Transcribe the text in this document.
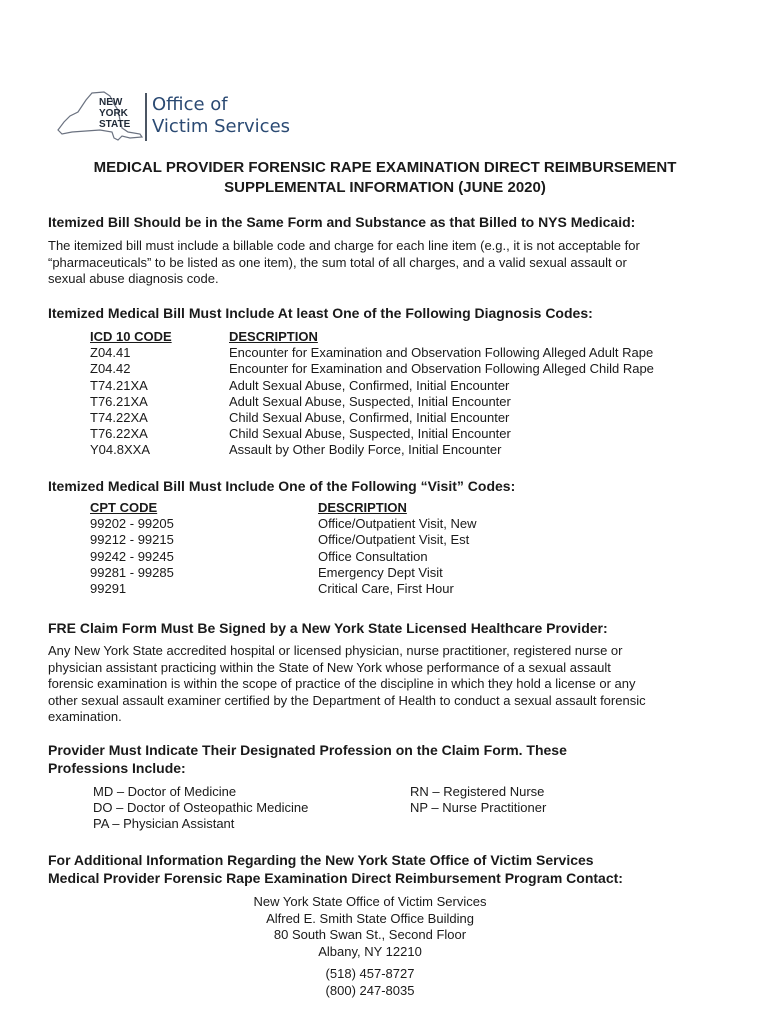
NEW
YORK
STATE
Office of
Victim Services
MEDICAL PROVIDER FORENSIC RAPE EXAMINATION DIRECT REIMBURSEMENT
SUPPLEMENTAL INFORMATION (JUNE 2020)
Itemized Bill Should be in the Same Form and Substance as that Billed to NYS Medicaid:
The itemized bill must include a billable code and charge for each line item (e.g., it is not acceptable for
“pharmaceuticals” to be listed as one item), the sum total of all charges, and a valid sexual assault or
sexual abuse diagnosis code.
Itemized Medical Bill Must Include At least One of the Following Diagnosis Codes:
ICD 10 CODE	DESCRIPTION
Z04.41	Encounter for Examination and Observation Following Alleged Adult Rape
Z04.42	Encounter for Examination and Observation Following Alleged Child Rape
T74.21XA	Adult Sexual Abuse, Confirmed, Initial Encounter
T76.21XA	Adult Sexual Abuse, Suspected, Initial Encounter
T74.22XA	Child Sexual Abuse, Confirmed, Initial Encounter
T76.22XA	Child Sexual Abuse, Suspected, Initial Encounter
Y04.8XXA	Assault by Other Bodily Force, Initial Encounter
Itemized Medical Bill Must Include One of the Following “Visit” Codes:
CPT CODE	DESCRIPTION
99202 - 99205	Office/Outpatient Visit, New
99212 - 99215	Office/Outpatient Visit, Est
99242 - 99245	Office Consultation
99281 - 99285	Emergency Dept Visit
99291	Critical Care, First Hour
FRE Claim Form Must Be Signed by a New York State Licensed Healthcare Provider:
Any New York State accredited hospital or licensed physician, nurse practitioner, registered nurse or
physician assistant practicing within the State of New York whose performance of a sexual assault
forensic examination is within the scope of practice of the discipline in which they hold a license or any
other sexual assault examiner certified by the Department of Health to conduct a sexual assault forensic
examination.
Provider Must Indicate Their Designated Profession on the Claim Form. These
Professions Include:
MD – Doctor of Medicine
DO – Doctor of Osteopathic Medicine
PA – Physician Assistant
RN – Registered Nurse
NP – Nurse Practitioner
For Additional Information Regarding the New York State Office of Victim Services
Medical Provider Forensic Rape Examination Direct Reimbursement Program Contact:
New York State Office of Victim Services
Alfred E. Smith State Office Building
80 South Swan St., Second Floor
Albany, NY 12210
(518) 457-8727
(800) 247-8035
